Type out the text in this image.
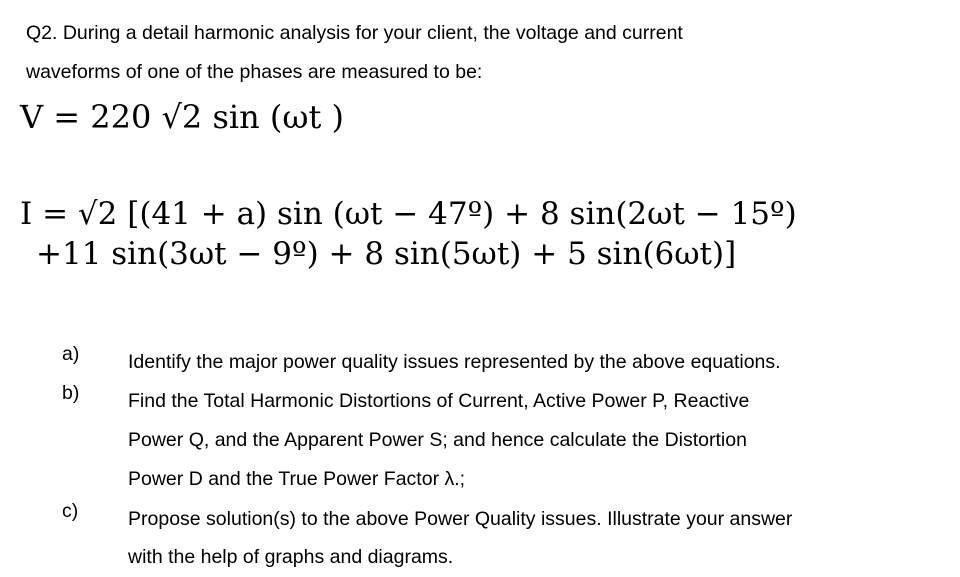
Q2. During a detail harmonic analysis for your client, the voltage and current
waveforms of one of the phases are measured to be:
V = 220 √2 sin (ωt )
I = √2 [(41 + a) sin (ωt − 47º) + 8 sin(2ωt − 15º)
+11 sin(3ωt − 9º) + 8 sin(5ωt) + 5 sin(6ωt)]
a) Identify the major power quality issues represented by the above equations.
b) Find the Total Harmonic Distortions of Current, Active Power P, Reactive
Power Q, and the Apparent Power S; and hence calculate the Distortion
Power D and the True Power Factor λ.;
c)	Propose solution(s) to the above Power Quality issues. Illustrate your answer
with the help of graphs and diagrams.
